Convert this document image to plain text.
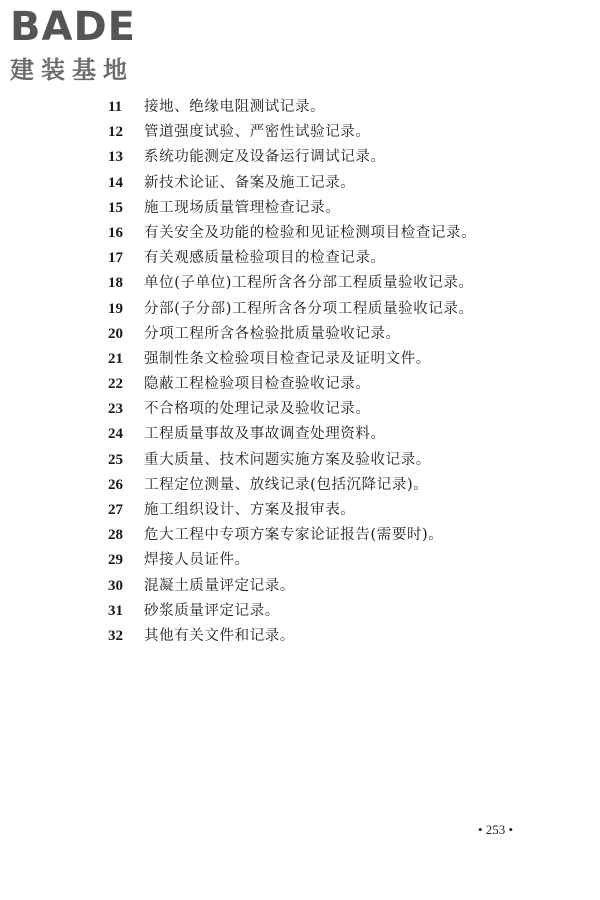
BADE
建装基地
11	接地、绝缘电阻测试记录。
12	管道强度试验、严密性试验记录。
13	系统功能测定及设备运行调试记录。
14	新技术论证、备案及施工记录。
15	施工现场质量管理检查记录。
16	有关安全及功能的检验和见证检测项目检查记录。
17	有关观感质量检验项目的检查记录。
18	单位(子单位)工程所含各分部工程质量验收记录。
19	分部(子分部)工程所含各分项工程质量验收记录。
20	分项工程所含各检验批质量验收记录。
21	强制性条文检验项目检查记录及证明文件。
22	隐蔽工程检验项目检查验收记录。
23	不合格项的处理记录及验收记录。
24	工程质量事故及事故调查处理资料。
25	重大质量、技术问题实施方案及验收记录。
26	工程定位测量、放线记录(包括沉降记录)。
27	施工组织设计、方案及报审表。
28	危大工程中专项方案专家论证报告(需要时)。
29	焊接人员证件。
30	混凝土质量评定记录。
31	砂浆质量评定记录。
32	其他有关文件和记录。
• 253 •
